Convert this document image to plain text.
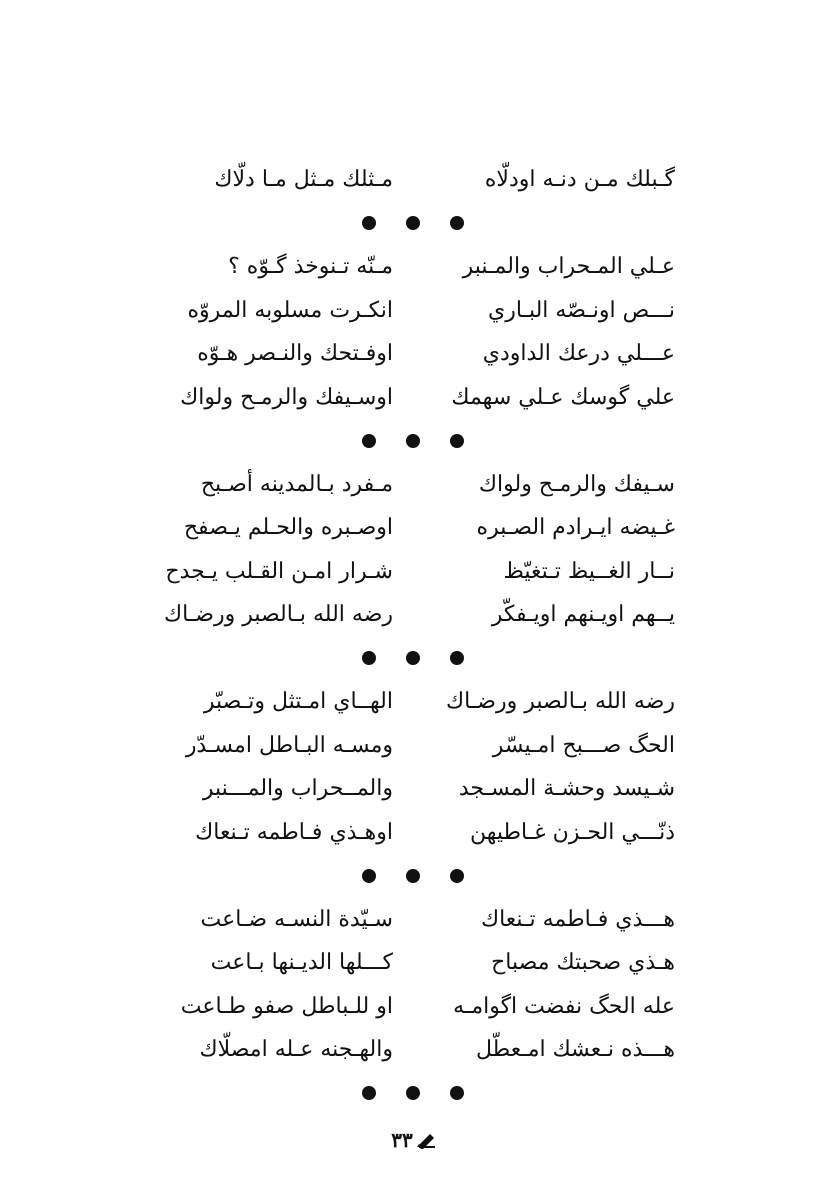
گـبلك مـن دنـه اودلّاه
مـثلك مـثل مـا دلّاك
عـلي المـحراب والمـنبر
مـنّه تـنوخذ گـوّه ؟
نـــص اونـصّه البـاري
انكـرت مسلوبه المروّه
عـــلي درعك الداودي
اوفـتحك والنـصر هـوّه
علي گوسك عـلي سهمك
اوسـيفك والرمـح ولواك
سـيفك والرمـح ولواك
مـفرد بـالمدينه أصـبح
غـيضه ايـرادم الصـبره
اوصـبره والحـلم يـصفح
نــار الغــيظ تـتغيّظ
شـرار امـن القـلب يـجدح
يــهم اويـنهم اويـفكّر
رضه الله بـالصبر ورضـاك
رضه الله بـالصبر ورضـاك
الهــاي امـتثل وتـصبّر
الحگ صـــبح امـيسّر
ومسـه البـاطل امسـدّر
شـيسد وحشـة المسـجد
والمــحراب والمـــنبر
ذنّـــي الحـزن غـاطيهن
اوهـذي فـاطمه تـنعاك
هـــذي فـاطمه تـنعاك
سـيّدة النسـه ضـاعت
هـذي صحبتك مصباح
كـــلها الديـنها بـاعت
عله الحگ نفضت اگوامـه
او للـباطل صفو طـاعت
هـــذه نـعشك امـعطّل
والهـجنه عـله امصلّاك
٣٣
